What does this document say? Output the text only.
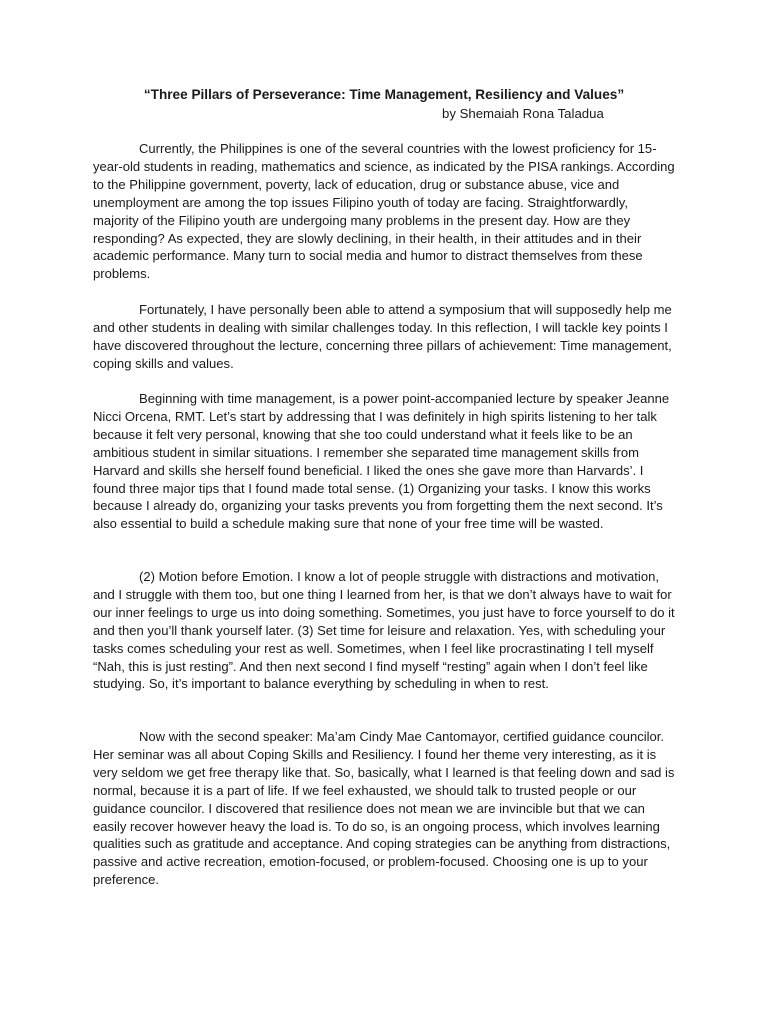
“Three Pillars of Perseverance: Time Management, Resiliency and Values”
by Shemaiah Rona Taladua

Currently, the Philippines is one of the several countries with the lowest proficiency for 15-year-old students in reading, mathematics and science, as indicated by the PISA rankings. According to the Philippine government, poverty, lack of education, drug or substance abuse, vice and unemployment are among the top issues Filipino youth of today are facing. Straightforwardly, majority of the Filipino youth are undergoing many problems in the present day. How are they responding? As expected, they are slowly declining, in their health, in their attitudes and in their academic performance. Many turn to social media and humor to distract themselves from these problems.

Fortunately, I have personally been able to attend a symposium that will supposedly help me and other students in dealing with similar challenges today. In this reflection, I will tackle key points I have discovered throughout the lecture, concerning three pillars of achievement: Time management, coping skills and values.

Beginning with time management, is a power point-accompanied lecture by speaker Jeanne Nicci Orcena, RMT. Let’s start by addressing that I was definitely in high spirits listening to her talk because it felt very personal, knowing that she too could understand what it feels like to be an ambitious student in similar situations. I remember she separated time management skills from Harvard and skills she herself found beneficial. I liked the ones she gave more than Harvards’. I found three major tips that I found made total sense. (1) Organizing your tasks. I know this works because I already do, organizing your tasks prevents you from forgetting them the next second. It’s also essential to build a schedule making sure that none of your free time will be wasted.

(2) Motion before Emotion. I know a lot of people struggle with distractions and motivation, and I struggle with them too, but one thing I learned from her, is that we don’t always have to wait for our inner feelings to urge us into doing something. Sometimes, you just have to force yourself to do it and then you’ll thank yourself later. (3) Set time for leisure and relaxation. Yes, with scheduling your tasks comes scheduling your rest as well. Sometimes, when I feel like procrastinating I tell myself “Nah, this is just resting”. And then next second I find myself “resting” again when I don’t feel like studying. So, it’s important to balance everything by scheduling in when to rest.

Now with the second speaker: Ma’am Cindy Mae Cantomayor, certified guidance councilor. Her seminar was all about Coping Skills and Resiliency. I found her theme very interesting, as it is very seldom we get free therapy like that. So, basically, what I learned is that feeling down and sad is normal, because it is a part of life. If we feel exhausted, we should talk to trusted people or our guidance councilor. I discovered that resilience does not mean we are invincible but that we can easily recover however heavy the load is. To do so, is an ongoing process, which involves learning qualities such as gratitude and acceptance. And coping strategies can be anything from distractions, passive and active recreation, emotion-focused, or problem-focused. Choosing one is up to your preference.
